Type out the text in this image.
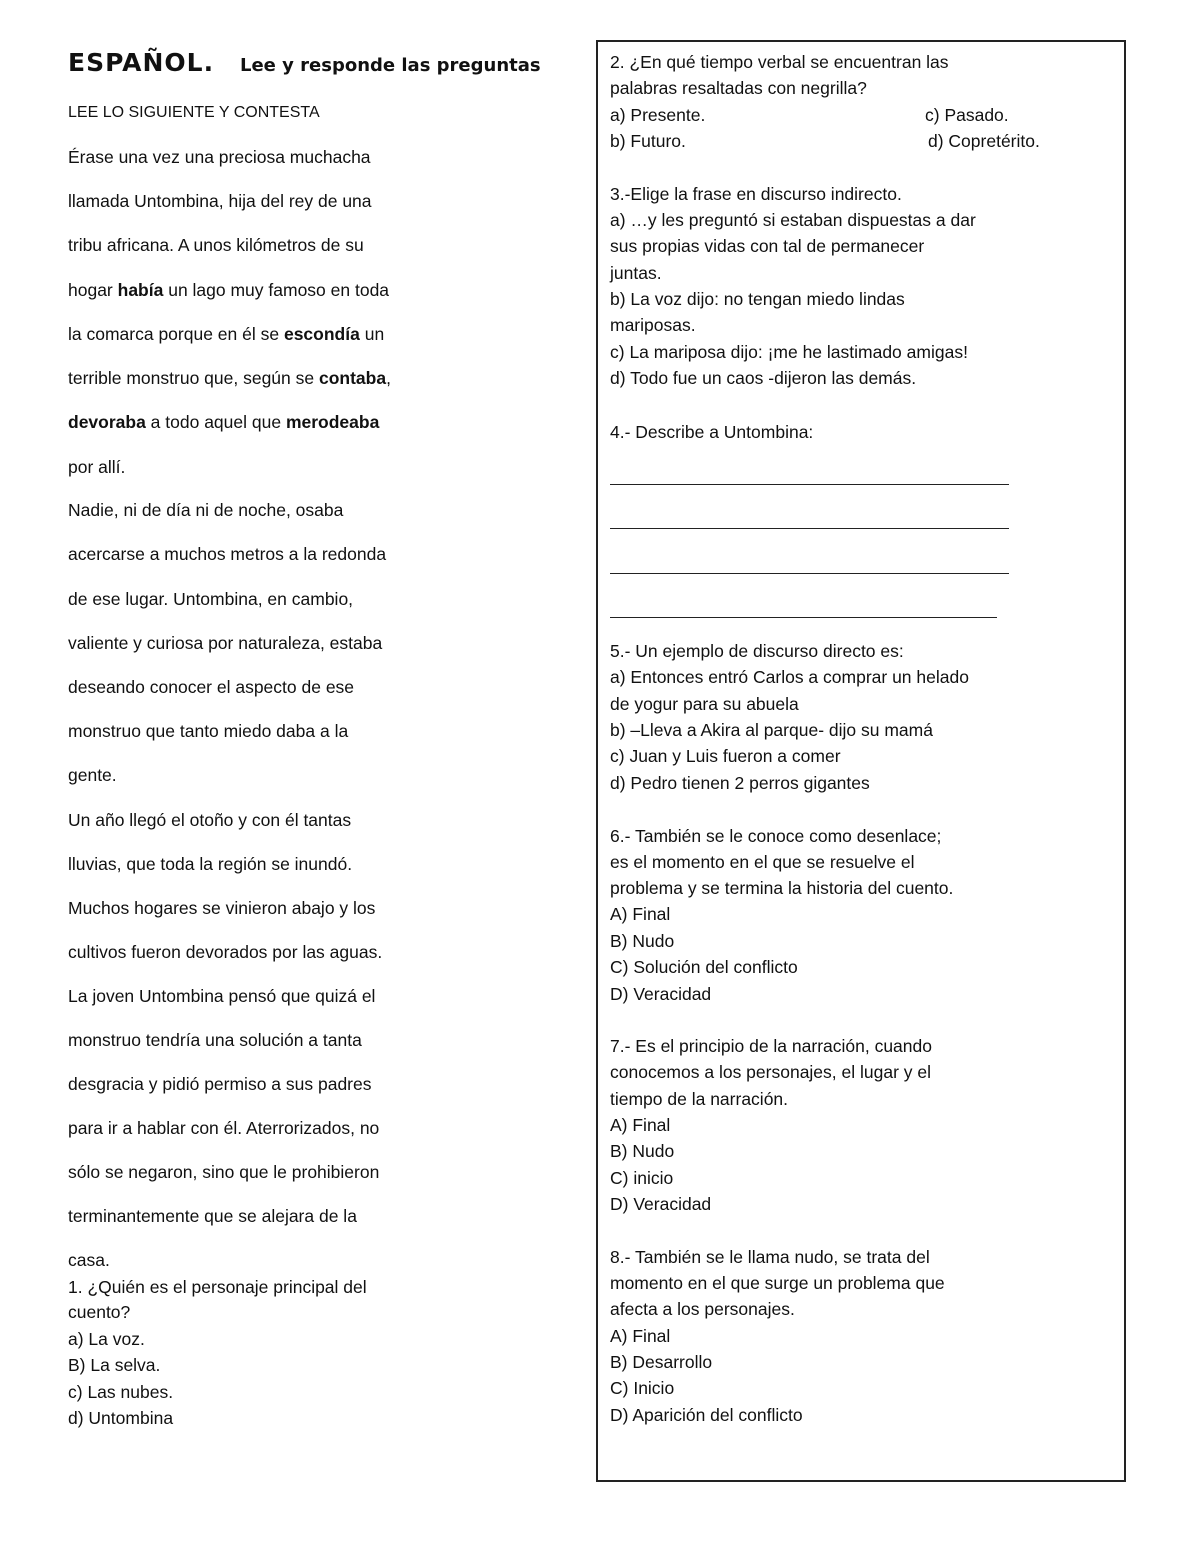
ESPAÑOL. Lee y responde las preguntas
LEE LO SIGUIENTE Y CONTESTA
Érase una vez una preciosa muchacha
llamada Untombina, hija del rey de una
tribu africana. A unos kilómetros de su
hogar había un lago muy famoso en toda
la comarca porque en él se escondía un
terrible monstruo que, según se contaba,
devoraba a todo aquel que merodeaba
por allí.
Nadie, ni de día ni de noche, osaba
acercarse a muchos metros a la redonda
de ese lugar. Untombina, en cambio,
valiente y curiosa por naturaleza, estaba
deseando conocer el aspecto de ese
monstruo que tanto miedo daba a la
gente.
Un año llegó el otoño y con él tantas
lluvias, que toda la región se inundó.
Muchos hogares se vinieron abajo y los
cultivos fueron devorados por las aguas.
La joven Untombina pensó que quizá el
monstruo tendría una solución a tanta
desgracia y pidió permiso a sus padres
para ir a hablar con él. Aterrorizados, no
sólo se negaron, sino que le prohibieron
terminantemente que se alejara de la
casa.
1. ¿Quién es el personaje principal del
cuento?
a) La voz.
B) La selva.
c) Las nubes.
d) Untombina
2. ¿En qué tiempo verbal se encuentran las
palabras resaltadas con negrilla?
a) Presente.	c) Pasado.
b) Futuro.	d) Copretérito.
3.-Elige la frase en discurso indirecto.
a) …y les preguntó si estaban dispuestas a dar
sus propias vidas con tal de permanecer
juntas.
b) La voz dijo: no tengan miedo lindas
mariposas.
c) La mariposa dijo: ¡me he lastimado amigas!
d) Todo fue un caos -dijeron las demás.
4.- Describe a Untombina:
5.- Un ejemplo de discurso directo es:
a) Entonces entró Carlos a comprar un helado
de yogur para su abuela
b) –Lleva a Akira al parque- dijo su mamá
c) Juan y Luis fueron a comer
d) Pedro tienen 2 perros gigantes
6.- También se le conoce como desenlace;
es el momento en el que se resuelve el
problema y se termina la historia del cuento.
A) Final
B) Nudo
C) Solución del conflicto
D) Veracidad
7.- Es el principio de la narración, cuando
conocemos a los personajes, el lugar y el
tiempo de la narración.
A) Final
B) Nudo
C) inicio
D) Veracidad
8.- También se le llama nudo, se trata del
momento en el que surge un problema que
afecta a los personajes.
A) Final
B) Desarrollo
C) Inicio
D) Aparición del conflicto
